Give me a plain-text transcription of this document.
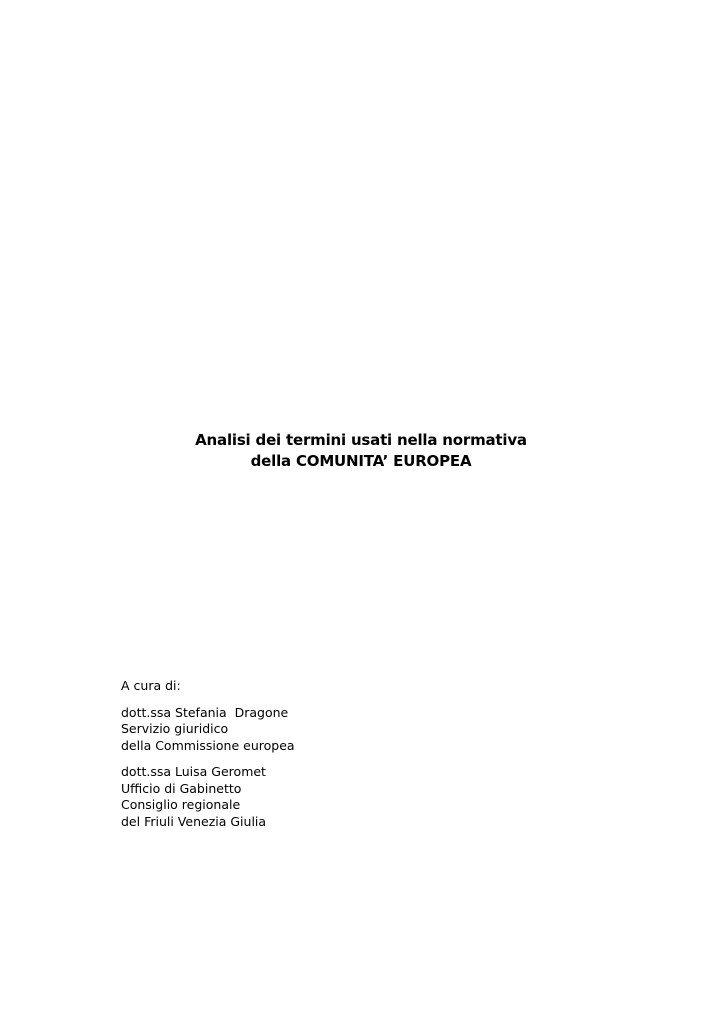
Analisi dei termini usati nella normativa
della COMUNITA’ EUROPEA
A cura di:
dott.ssa Stefania  Dragone
Servizio giuridico
della Commissione europea
dott.ssa Luisa Geromet
Ufficio di Gabinetto
Consiglio regionale
del Friuli Venezia Giulia
